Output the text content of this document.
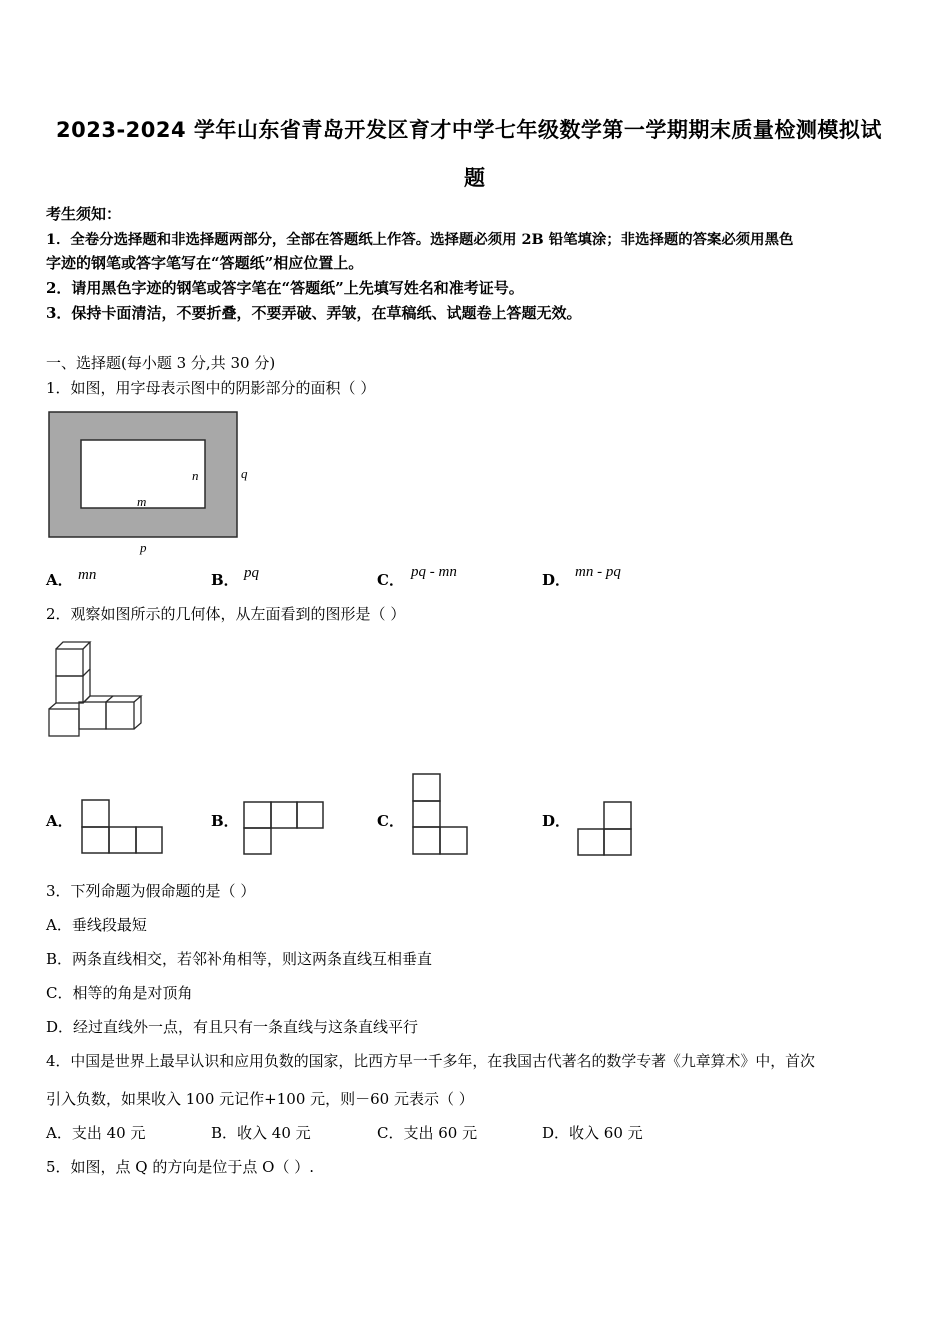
2023-2024 学年山东省青岛开发区育才中学七年级数学第一学期期末质量检测模拟试
题
考生须知：
1．全卷分选择题和非选择题两部分，全部在答题纸上作答。选择题必须用 2B 铅笔填涂；非选择题的答案必须用黑色
字迹的钢笔或答字笔写在“答题纸”相应位置上。
2．请用黑色字迹的钢笔或答字笔在“答题纸”上先填写姓名和准考证号。
3．保持卡面清洁，不要折叠，不要弄破、弄皱，在草稿纸、试题卷上答题无效。
一、选择题(每小题 3 分,共 30 分)
1．如图，用字母表示图中的阴影部分的面积（ ）
n	q
m
p
A． mn	B． pq	C． pq - mn	D． mn - pq
2．观察如图所示的几何体，从左面看到的图形是（ ）
A．	B．	C．	D．
3．下列命题为假命题的是（ ）
A．垂线段最短
B．两条直线相交，若邻补角相等，则这两条直线互相垂直
C．相等的角是对顶角
D．经过直线外一点，有且只有一条直线与这条直线平行
4．中国是世界上最早认识和应用负数的国家，比西方早一千多年，在我国古代著名的数学专著《九章算术》中，首次
引入负数，如果收入 100 元记作+100 元，则－60 元表示（ ）
A．支出 40 元	B．收入 40 元	C．支出 60 元	D．收入 60 元
5．如图，点 Q 的方向是位于点 O（ ）.
